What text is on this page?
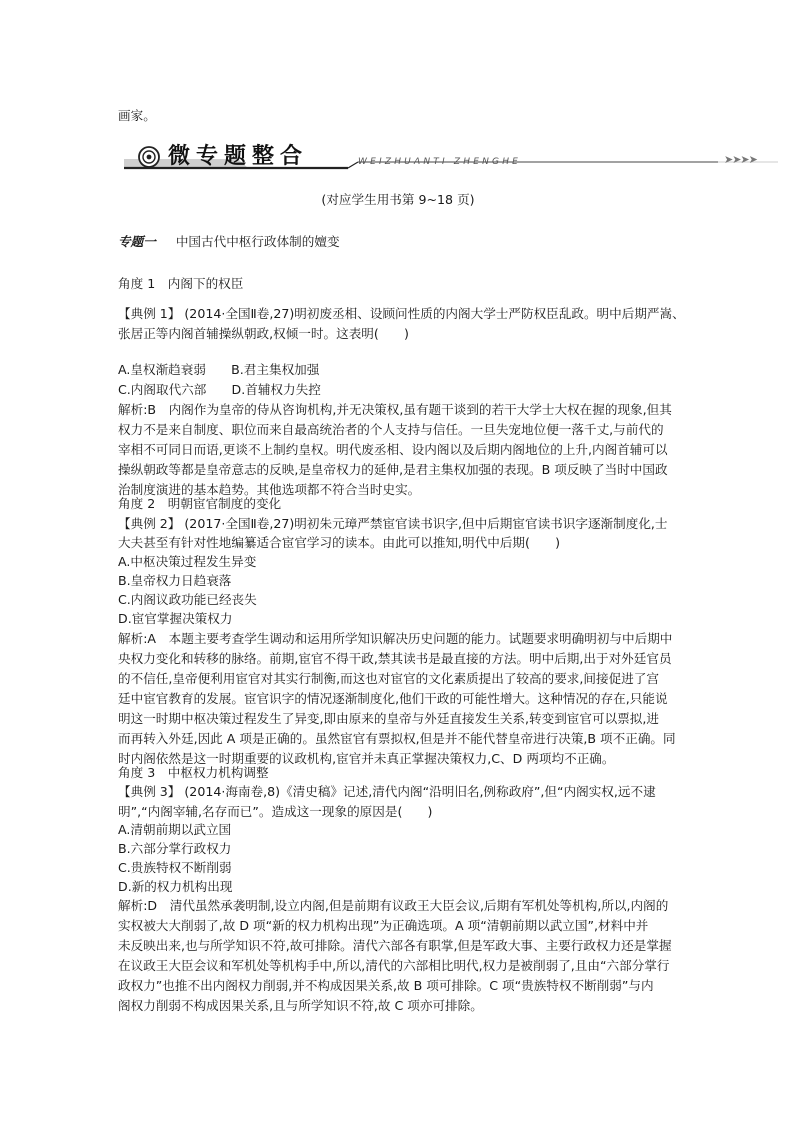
画家。
微专题整合	WEIZHUANTI ZHENGHE	➤➤➤➤
(对应学生用书第 9~18 页)
专题一 中国古代中枢行政体制的嬗变
角度 1　内阁下的权臣
【典例 1】 (2014·全国Ⅱ卷,27)明初废丞相、设顾问性质的内阁大学士严防权臣乱政。明中后期严嵩、
张居正等内阁首辅操纵朝政,权倾一时。这表明(　　)
A.皇权渐趋衰弱　　B.君主集权加强
C.内阁取代六部　　D.首辅权力失控
解析:B　内阁作为皇帝的侍从咨询机构,并无决策权,虽有题干谈到的若干大学士大权在握的现象,但其
权力不是来自制度、职位而来自最高统治者的个人支持与信任。一旦失宠地位便一落千丈,与前代的
宰相不可同日而语,更谈不上制约皇权。明代废丞相、设内阁以及后期内阁地位的上升,内阁首辅可以
操纵朝政等都是皇帝意志的反映,是皇帝权力的延伸,是君主集权加强的表现。B 项反映了当时中国政
治制度演进的基本趋势。其他选项都不符合当时史实。
角度 2　明朝宦官制度的变化
【典例 2】 (2017·全国Ⅱ卷,27)明初朱元璋严禁宦官读书识字,但中后期宦官读书识字逐渐制度化,士
大夫甚至有针对性地编纂适合宦官学习的读本。由此可以推知,明代中后期(　　)
A.中枢决策过程发生异变
B.皇帝权力日趋衰落
C.内阁议政功能已经丧失
D.宦官掌握决策权力
解析:A　本题主要考查学生调动和运用所学知识解决历史问题的能力。试题要求明确明初与中后期中
央权力变化和转移的脉络。前期,宦官不得干政,禁其读书是最直接的方法。明中后期,出于对外廷官员
的不信任,皇帝便利用宦官对其实行制衡,而这也对宦官的文化素质提出了较高的要求,间接促进了宫
廷中宦官教育的发展。宦官识字的情况逐渐制度化,他们干政的可能性增大。这种情况的存在,只能说
明这一时期中枢决策过程发生了异变,即由原来的皇帝与外廷直接发生关系,转变到宦官可以票拟,进
而再转入外廷,因此 A 项是正确的。虽然宦官有票拟权,但是并不能代替皇帝进行决策,B 项不正确。同
时内阁依然是这一时期重要的议政机构,宦官并未真正掌握决策权力,C、D 两项均不正确。
角度 3　中枢权力机构调整
【典例 3】 (2014·海南卷,8)《清史稿》记述,清代内阁“沿明旧名,例称政府”,但“内阁实权,远不逮
明”,“内阁宰辅,名存而已”。造成这一现象的原因是(　　)
A.清朝前期以武立国
B.六部分掌行政权力
C.贵族特权不断削弱
D.新的权力机构出现
解析:D　清代虽然承袭明制,设立内阁,但是前期有议政王大臣会议,后期有军机处等机构,所以,内阁的
实权被大大削弱了,故 D 项“新的权力机构出现”为正确选项。A 项“清朝前期以武立国”,材料中并
未反映出来,也与所学知识不符,故可排除。清代六部各有职掌,但是军政大事、主要行政权力还是掌握
在议政王大臣会议和军机处等机构手中,所以,清代的六部相比明代,权力是被削弱了,且由“六部分掌行
政权力”也推不出内阁权力削弱,并不构成因果关系,故 B 项可排除。C 项“贵族特权不断削弱”与内
阁权力削弱不构成因果关系,且与所学知识不符,故 C 项亦可排除。
